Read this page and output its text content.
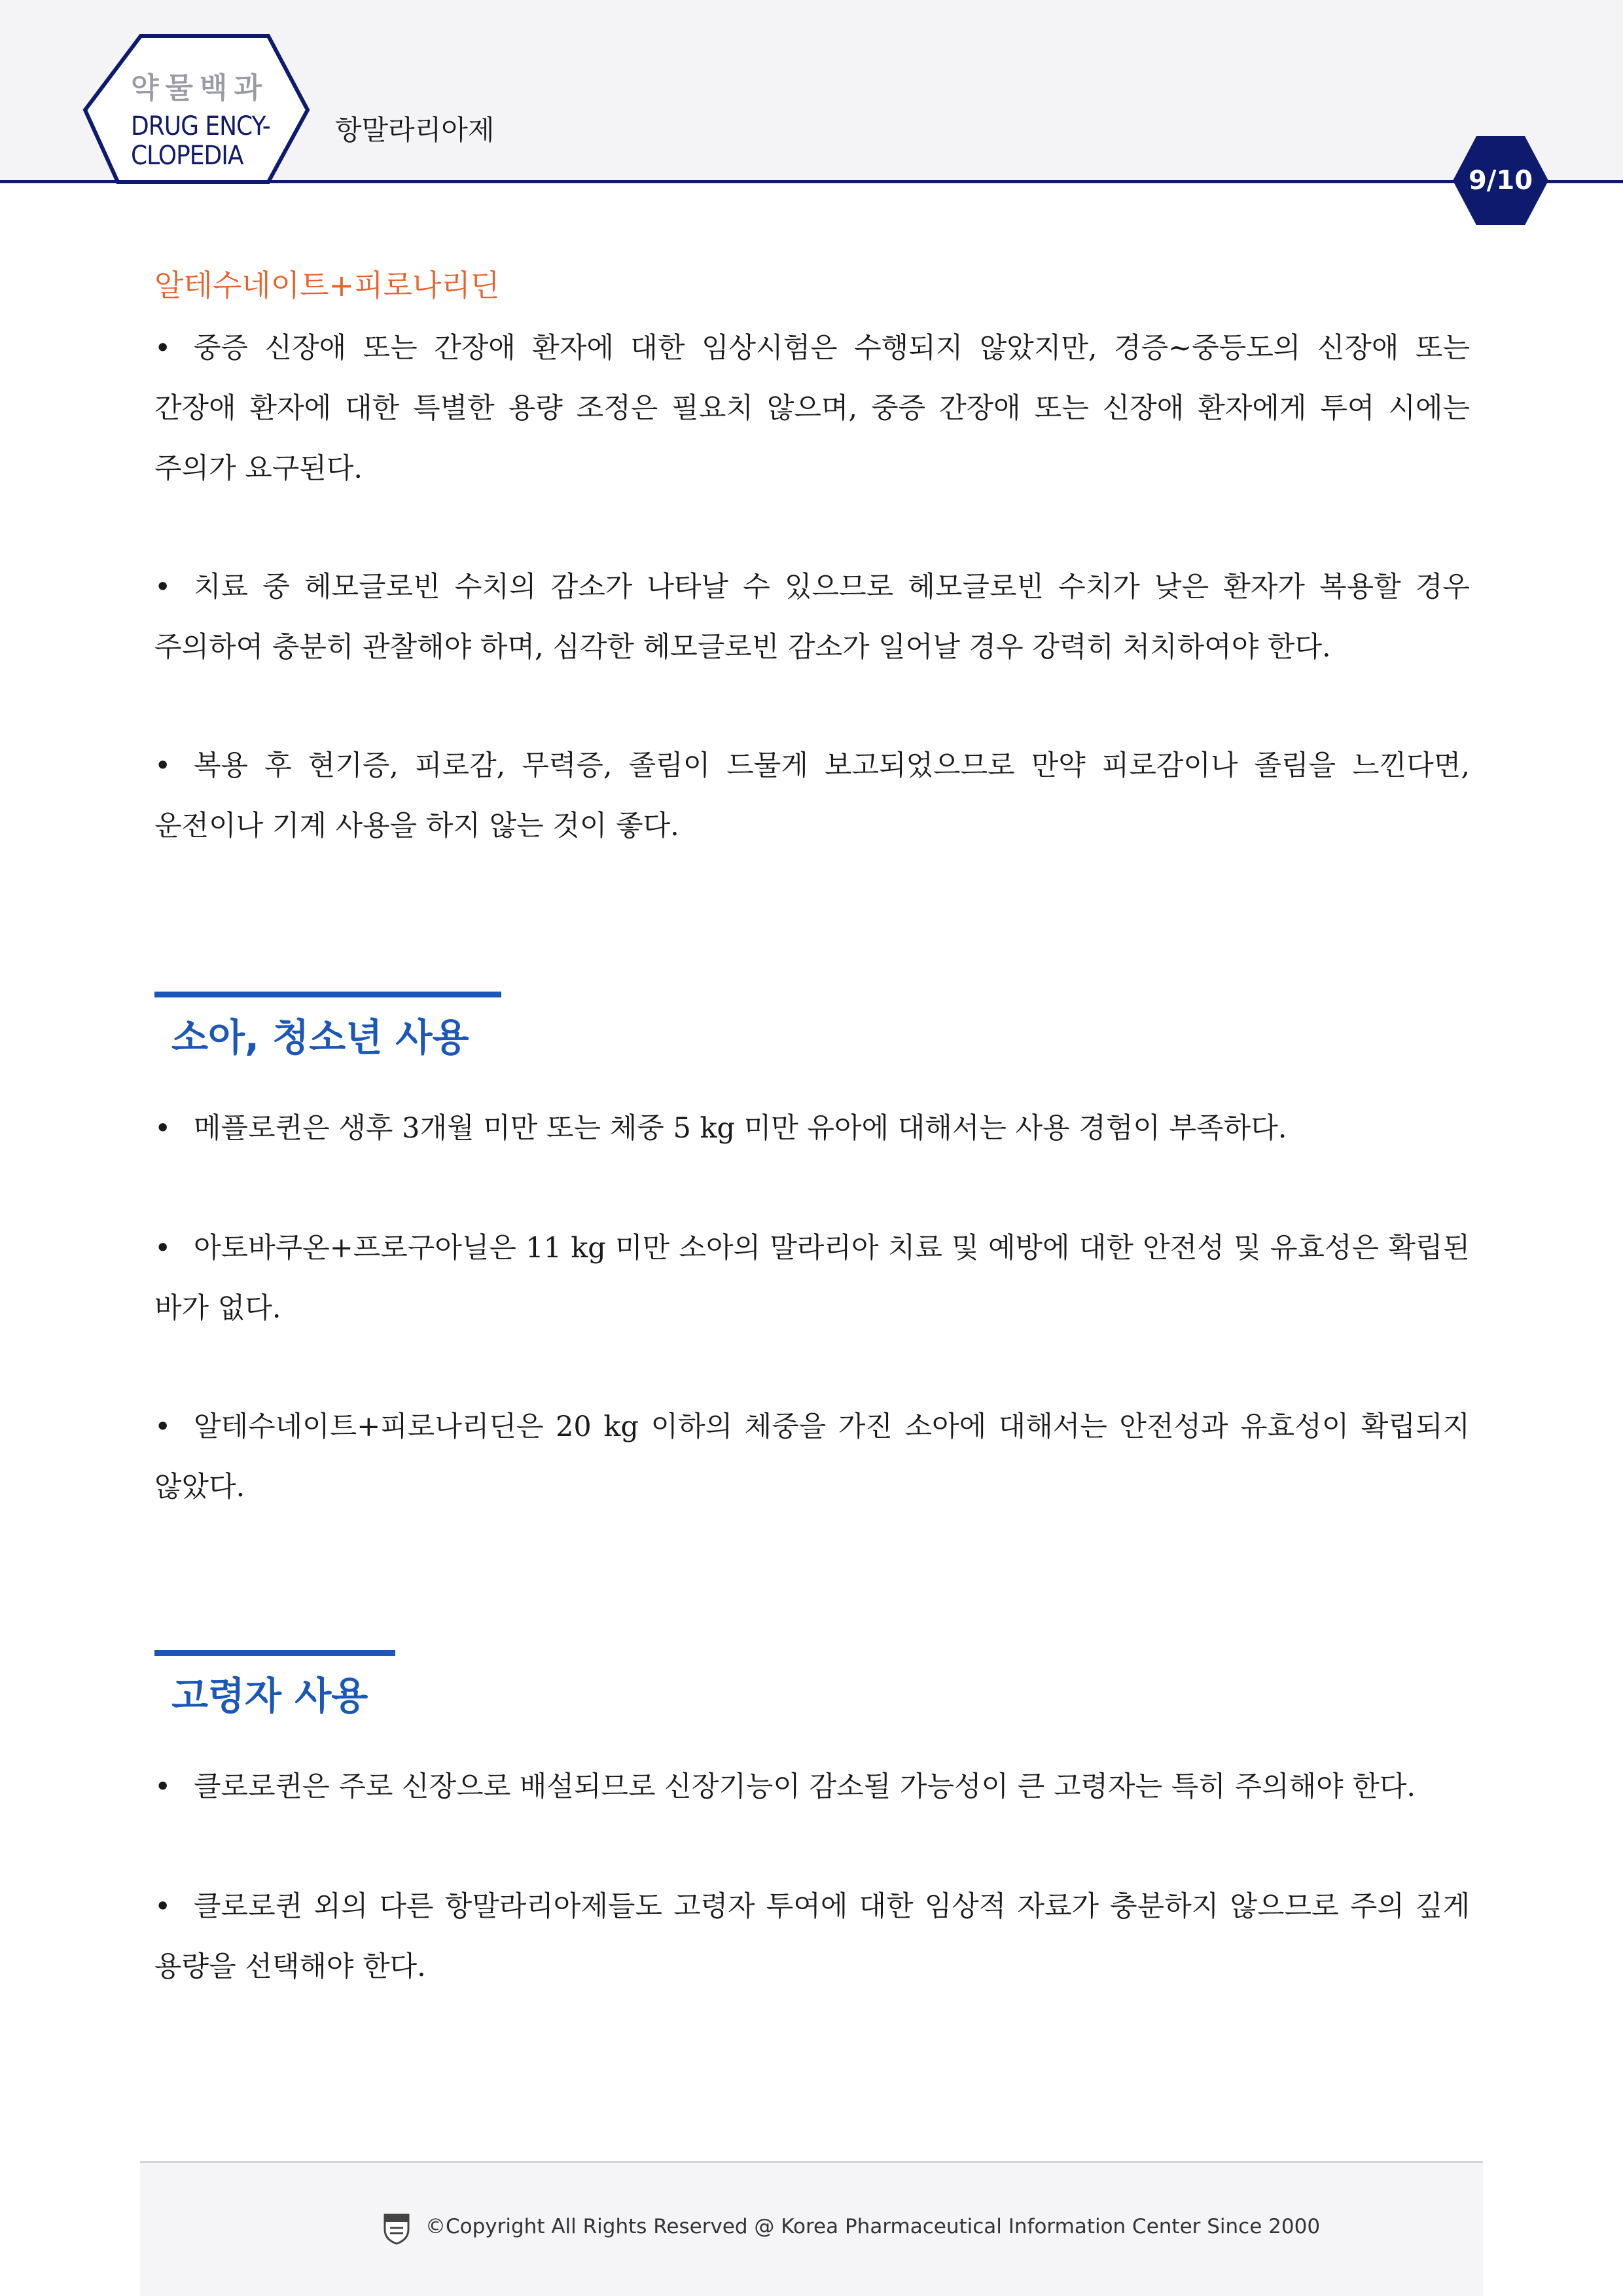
약물백과
DRUG ENCY-
CLOPEDIA
항말라리아제
9/10
알테수네이트+피로나리딘
• 중증 신장애 또는 간장애 환자에 대한 임상시험은 수행되지 않았지만, 경증~중등도의 신장애 또는 간장애 환자에 대한 특별한 용량 조정은 필요치 않으며, 중증 간장애 또는 신장애 환자에게 투여 시에는 주의가 요구된다.
• 치료 중 헤모글로빈 수치의 감소가 나타날 수 있으므로 헤모글로빈 수치가 낮은 환자가 복용할 경우 주의하여 충분히 관찰해야 하며, 심각한 헤모글로빈 감소가 일어날 경우 강력히 처치하여야 한다.
• 복용 후 현기증, 피로감, 무력증, 졸림이 드물게 보고되었으므로 만약 피로감이나 졸림을 느낀다면, 운전이나 기계 사용을 하지 않는 것이 좋다.
소아, 청소년 사용
• 메플로퀸은 생후 3개월 미만 또는 체중 5 kg 미만 유아에 대해서는 사용 경험이 부족하다.
• 아토바쿠온+프로구아닐은 11 kg 미만 소아의 말라리아 치료 및 예방에 대한 안전성 및 유효성은 확립된 바가 없다.
• 알테수네이트+피로나리딘은 20 kg 이하의 체중을 가진 소아에 대해서는 안전성과 유효성이 확립되지 않았다.
고령자 사용
• 클로로퀸은 주로 신장으로 배설되므로 신장기능이 감소될 가능성이 큰 고령자는 특히 주의해야 한다.
• 클로로퀸 외의 다른 항말라리아제들도 고령자 투여에 대한 임상적 자료가 충분하지 않으므로 주의 깊게 용량을 선택해야 한다.
©Copyright All Rights Reserved @ Korea Pharmaceutical Information Center Since 2000
